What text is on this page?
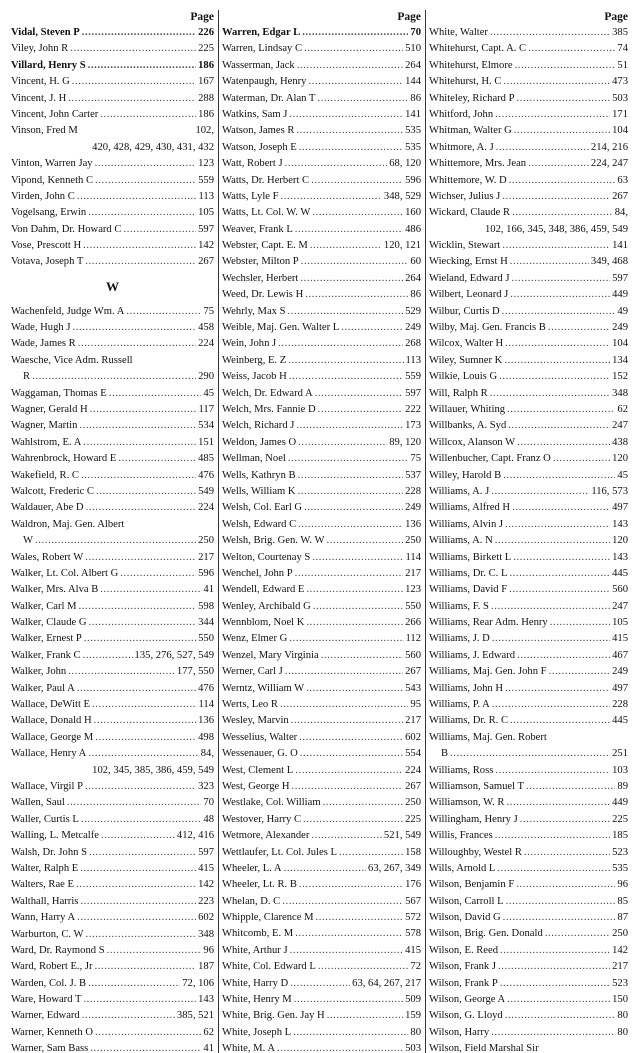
Page
Vidal, Steven P .....	226
Viley, John R .....	225
Villard, Henry S .....	186
Vincent, H. G .....	167
Vincent, J. H .....	288
Vincent, John Carter .....	186
Vinson, Fred M	102,
420, 428, 429, 430, 431, 432
Vinton, Warren Jay .....	123
Vipond, Kenneth C .....	559
Virden, John C .....	113
Vogelsang, Erwin .....	105
Von Dahm, Dr. Howard C .....	597
Vose, Prescott H .....	142
Votava, Joseph T .....	267
W
Wachenfeld, Judge Wm. A .....	75
Wade, Hugh J .....	458
Wade, James R .....	224
Waesche, Vice Adm. Russell
R .....	290
Waggaman, Thomas E .....	45
Wagner, Gerald H .....	117
Wagner, Martin .....	534
Wahlstrom, E. A .....	151
Wahrenbrock, Howard E .....	485
Wakefield, R. C .....	476
Walcott, Frederic C .....	549
Waldauer, Abe D .....	224
Waldron, Maj. Gen. Albert
W .....	250
Wales, Robert W .....	217
Walker, Lt. Col. Albert G .....	596
Walker, Mrs. Alva B .....	41
Walker, Carl M .....	598
Walker, Claude G .....	344
Walker, Ernest P .....	550
Walker, Frank C .....	135, 276, 527, 549
Walker, John .....	177, 550
Walker, Paul A .....	476
Wallace, DeWitt E .....	114
Wallace, Donald H .....	136
Wallace, George M .....	498
Wallace, Henry A .....	84,
102, 345, 385, 386, 459, 549
Wallace, Virgil P .....	323
Wallen, Saul .....	70
Waller, Curtis L .....	48
Walling, L. Metcalfe .....	412, 416
Walsh, Dr. John S .....	597
Walter, Ralph E .....	415
Walters, Rae E .....	142
Walthall, Harris .....	223
Wann, Harry A .....	602
Warburton, C. W .....	348
Ward, Dr. Raymond S .....	96
Ward, Robert E., Jr .....	187
Warden, Col. J. B .....	72, 106
Ware, Howard T .....	143
Warner, Edward .....	385, 521
Warner, Kenneth O .....	62
Warner, Sam Bass .....	41
Page
Warren, Edgar L .....	70
Warren, Lindsay C .....	510
Wasserman, Jack .....	264
Watenpaugh, Henry .....	144
Waterman, Dr. Alan T .....	86
Watkins, Sam J .....	141
Watson, James R .....	535
Watson, Joseph E .....	535
Watt, Robert J .....	68, 120
Watts, Dr. Herbert C .....	596
Watts, Lyle F .....	348, 529
Watts, Lt. Col. W. W .....	160
Weaver, Frank L .....	486
Webster, Capt. E. M .....	120, 121
Webster, Milton P .....	60
Wechsler, Herbert .....	264
Weed, Dr. Lewis H .....	86
Wehrly, Max S .....	529
Weible, Maj. Gen. Walter L .....	249
Wein, John J .....	268
Weinberg, E. Z .....	113
Weiss, Jacob H .....	559
Welch, Dr. Edward A .....	597
Welch, Mrs. Fannie D .....	222
Welch, Richard J .....	173
Weldon, James O .....	89, 120
Wellman, Noel .....	75
Wells, Kathryn B .....	537
Wells, William K .....	228
Welsh, Col. Earl G .....	249
Welsh, Edward C .....	136
Welsh, Brig. Gen. W. W .....	250
Welton, Courtenay S .....	114
Wenchel, John P .....	217
Wendell, Edward E .....	123
Wenley, Archibald G .....	550
Wennblom, Noel K .....	266
Wenz, Elmer G .....	112
Wenzel, Mary Virginia .....	560
Werner, Carl J .....	267
Werntz, William W .....	543
Werts, Leo R .....	95
Wesley, Marvin .....	217
Wesselius, Walter .....	602
Wessenauer, G. O .....	554
West, Clement L .....	224
West, George H .....	267
Westlake, Col. William .....	250
Westover, Harry C .....	225
Wetmore, Alexander .....	521, 549
Wettlaufer, Lt. Col. Jules L .....	158
Wheeler, L. A .....	63, 267, 349
Wheeler, Lt. R. B .....	176
Whelan, D. C .....	567
Whipple, Clarence M .....	572
Whitcomb, E. M .....	578
White, Arthur J .....	415
White, Col. Edward L .....	72
White, Harry D .....	63, 64, 267, 217
White, Henry M .....	509
White, Brig. Gen. Jay H .....	159
White, Joseph L .....	80
White, M. A .....	503
Page
White, Walter .....	385
Whitehurst, Capt. A. C .....	74
Whitehurst, Elmore .....	51
Whitehurst, H. C .....	473
Whiteley, Richard P .....	503
Whitford, John .....	171
Whitman, Walter G .....	104
Whitmore, A. J .....	214, 216
Whittemore, Mrs. Jean .....	224, 247
Whittemore, W. D .....	63
Wichser, Julius J .....	267
Wickard, Claude R .....	84,
102, 166, 345, 348, 386, 459, 549
Wicklin, Stewart .....	141
Wiecking, Ernst H .....	349, 468
Wieland, Edward J .....	597
Wilbert, Leonard J .....	449
Wilbur, Curtis D .....	49
Wilby, Maj. Gen. Francis B .....	249
Wilcox, Walter H .....	104
Wiley, Sumner K .....	134
Wilkie, Louis G .....	152
Will, Ralph R .....	348
Willauer, Whiting .....	62
Willbanks, A. Syd .....	247
Willcox, Alanson W .....	438
Willenbucher, Capt. Franz O .....	120
Willey, Harold B .....	45
Williams, A. J .....	116, 573
Williams, Alfred H .....	497
Williams, Alvin J .....	143
Williams, A. N .....	120
Williams, Birkett L .....	143
Williams, Dr. C. L .....	445
Williams, David F .....	560
Williams, F. S .....	247
Williams, Rear Adm. Henry .....	105
Williams, J. D .....	415
Williams, J. Edward .....	467
Williams, Maj. Gen. John F .....	249
Williams, John H .....	497
Williams, P. A .....	228
Williams, Dr. R. C .....	445
Williams, Maj. Gen. Robert
B .....	251
Williams, Ross .....	103
Williamson, Samuel T .....	89
Williamson, W. R .....	449
Willingham, Henry J .....	225
Willis, Frances .....	185
Willoughby, Westel R .....	523
Wills, Arnold L .....	535
Wilson, Benjamin F .....	96
Wilson, Carroll L .....	85
Wilson, David G .....	87
Wilson, Brig. Gen. Donald .....	250
Wilson, E. Reed .....	142
Wilson, Frank J .....	217
Wilson, Frank P .....	523
Wilson, George A .....	150
Wilson, G. Lloyd .....	80
Wilson, Harry .....	80
Wilson, Field Marshal Sir
